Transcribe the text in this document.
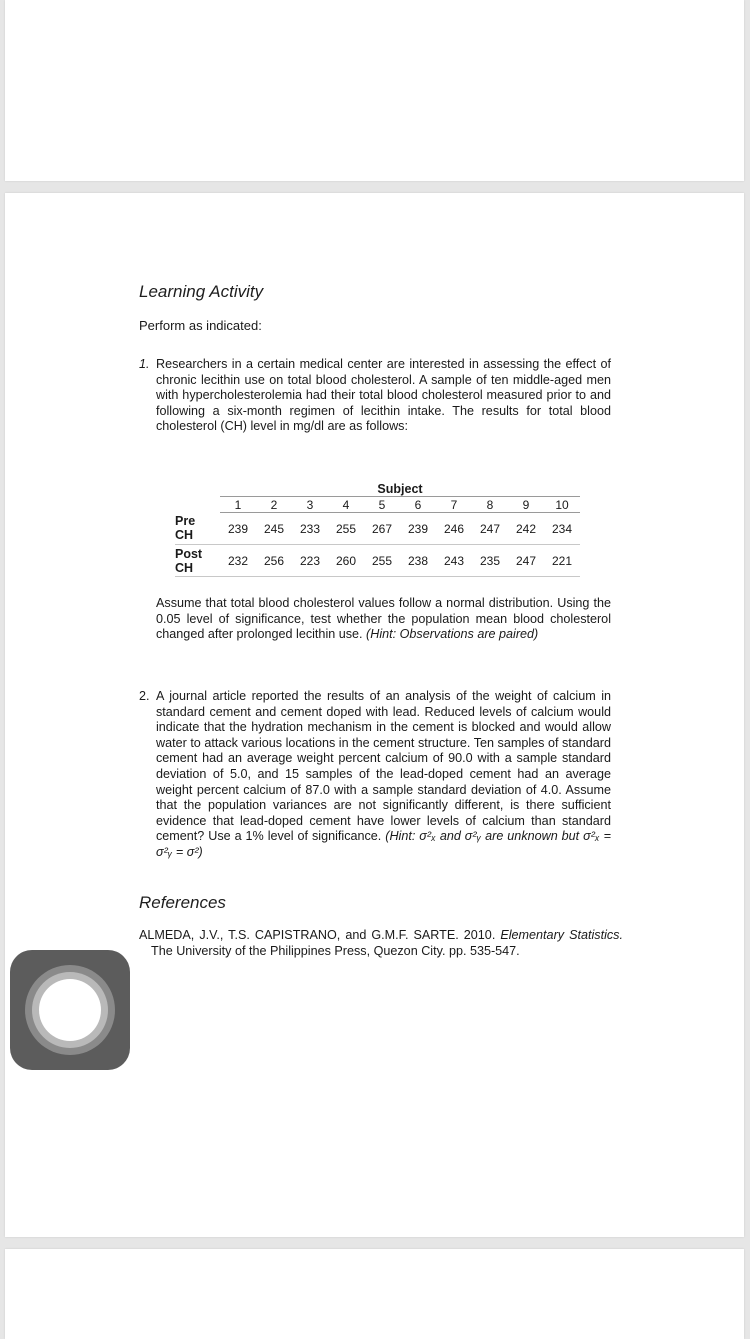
Learning Activity
Perform as indicated:
1. Researchers in a certain medical center are interested in assessing the effect of chronic lecithin use on total blood cholesterol. A sample of ten middle-aged men with hypercholesterolemia had their total blood cholesterol measured prior to and following a six-month regimen of lecithin intake. The results for total blood cholesterol (CH) level in mg/dl are as follows:
	Subject									
	1	2	3	4	5	6	7	8	9	10
Pre
CH	239	245	233	255	267	239	246	247	242	234
Post
CH	232	256	223	260	255	238	243	235	247	221
Assume that total blood cholesterol values follow a normal distribution. Using the 0.05 level of significance, test whether the population mean blood cholesterol changed after prolonged lecithin use. (Hint: Observations are paired)
2. A journal article reported the results of an analysis of the weight of calcium in standard cement and cement doped with lead. Reduced levels of calcium would indicate that the hydration mechanism in the cement is blocked and would allow water to attack various locations in the cement structure. Ten samples of standard cement had an average weight percent calcium of 90.0 with a sample standard deviation of 5.0, and 15 samples of the lead-doped cement had an average weight percent calcium of 87.0 with a sample standard deviation of 4.0. Assume that the population variances are not significantly different, is there sufficient evidence that lead-doped cement have lower levels of calcium than standard cement? Use a 1% level of significance. (Hint: σ²ₓ and σ²ᵧ are unknown but σ²ₓ = σ²ᵧ = σ²)
References
ALMEDA, J.V., T.S. CAPISTRANO, and G.M.F. SARTE. 2010. Elementary Statistics. The University of the Philippines Press, Quezon City. pp. 535-547.
